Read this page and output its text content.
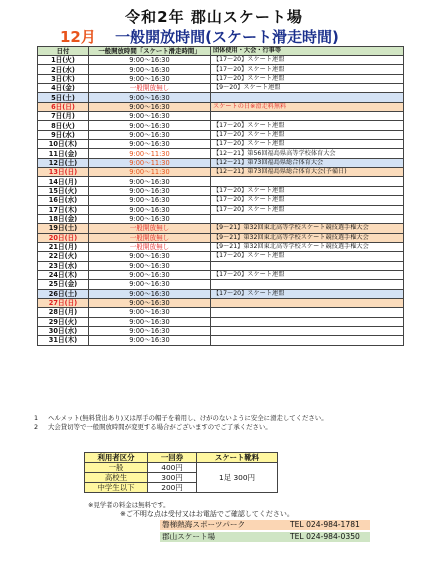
令和2年 郡山スケート場
12月 一般開放時間(スケート滑走時間)
日付	一般開放時間「スケート滑走時間」	団体使用・大会・行事等
1日(火)	9:00～16:30	【17～20】スケート連盟
2日(水)	9:00～16:30	【17～20】スケート連盟
3日(木)	9:00～16:30	【17～20】スケート連盟
4日(金)	一般開放無し	【9～20】スケート連盟
5日(土)	9:00～16:30	
6日(日)	9:00～16:30	スケートの日※滑走料無料
7日(月)	9:00～16:30	
8日(火)	9:00～16:30	【17～20】スケート連盟
9日(水)	9:00～16:30	【17～20】スケート連盟
10日(木)	9:00～16:30	【17～20】スケート連盟
11日(金)	9:00～11:30	【12～21】第56回福島県高等学校体育大会
12日(土)	9:00～11:30	【12～21】第73回福島県総合体育大会
13日(日)	9:00～11:30	【12～21】第73回福島県総合体育大会(予備日)
14日(月)	9:00～16:30	
15日(火)	9:00～16:30	【17～20】スケート連盟
16日(水)	9:00～16:30	【17～20】スケート連盟
17日(木)	9:00～16:30	【17～20】スケート連盟
18日(金)	9:00～16:30	
19日(土)	一般開放無し	【9～21】第32回東北高等学校スケート競技選手権大会
20日(日)	一般開放無し	【9～21】第32回東北高等学校スケート競技選手権大会
21日(月)	一般開放無し	【9～21】第32回東北高等学校スケート競技選手権大会
22日(火)	9:00～16:30	【17～20】スケート連盟
23日(水)	9:00～16:30	
24日(木)	9:00～16:30	【17～20】スケート連盟
25日(金)	9:00～16:30	
26日(土)	9:00～16:30	【17～20】スケート連盟
27日(日)	9:00～16:30	
28日(月)	9:00～16:30	
29日(火)	9:00～16:30	
30日(水)	9:00～16:30	
31日(木)	9:00～16:30	
1 ヘルメット(無料貸出あり)又は厚手の帽子を着用し、けがのないように安全に滑走してください。
2 大会貸切等で一般開放時間が変更する場合がございますのでご了承ください。
利用者区分	一回券	スケート靴料
一般	400円	1足 300円
高校生	300円	
中学生以下	200円	
※見学者の料金は無料です。
※ご不明な点は受付又はお電話でご確認してください。
磐梯熱海スポーツパーク	TEL 024-984-1781
郡山スケート場	TEL 024-984-0350
